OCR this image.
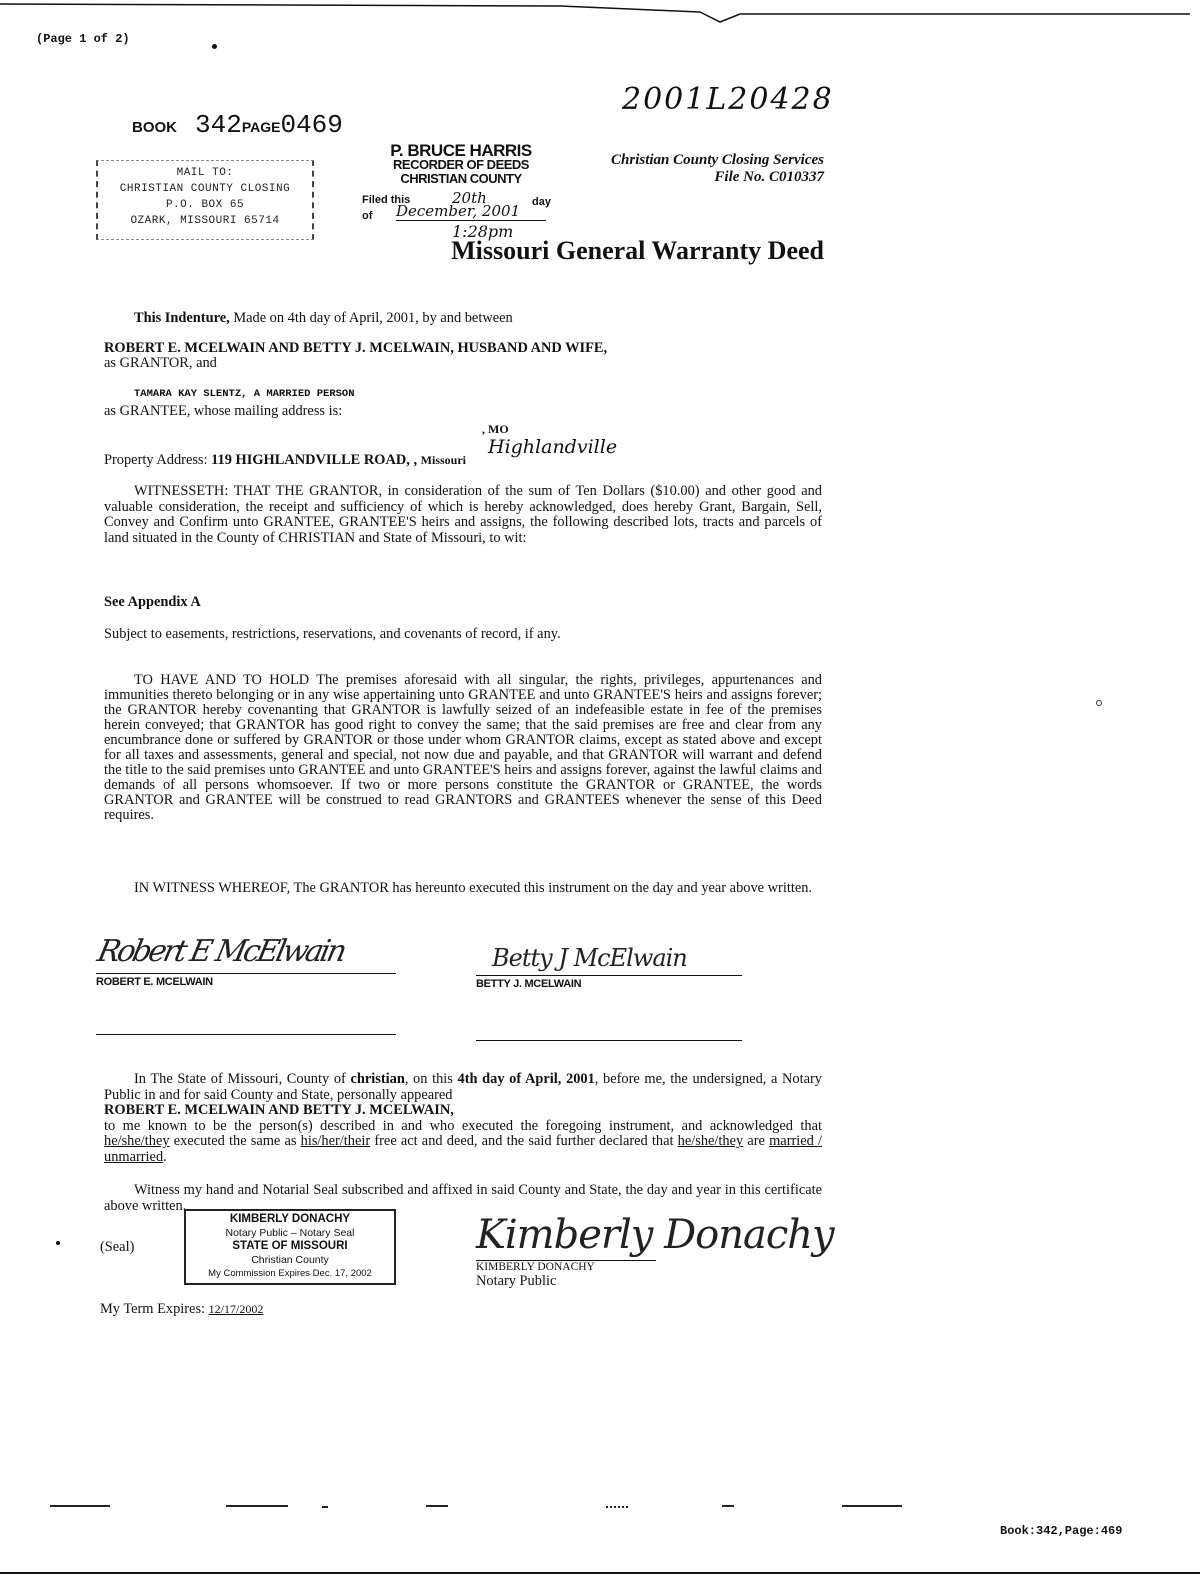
(Page 1 of 2)
2001L20428
BOOK 342PAGE0469
MAIL TO:
CHRISTIAN COUNTY CLOSING
P.O. BOX 65
OZARK, MISSOURI 65714
P. BRUCE HARRIS
RECORDER OF DEEDS
CHRISTIAN COUNTY
Filed this	20th	day
of December, 2001
1:28pm
Christian County Closing Services
File No. C010337
Missouri General Warranty Deed
This Indenture, Made on 4th day of April, 2001, by and between
ROBERT E. MCELWAIN AND BETTY J. MCELWAIN, HUSBAND AND WIFE,
as GRANTOR, and
TAMARA KAY SLENTZ, A MARRIED PERSON
as GRANTEE, whose mailing address is:
, MO
Highlandville
Property Address: 119 HIGHLANDVILLE ROAD, , Missouri
WITNESSETH: THAT THE GRANTOR, in consideration of the sum of Ten Dollars ($10.00) and other good and valuable consideration, the receipt and sufficiency of which is hereby acknowledged, does hereby Grant, Bargain, Sell, Convey and Confirm unto GRANTEE, GRANTEE'S heirs and assigns, the following described lots, tracts and parcels of land situated in the County of CHRISTIAN and State of Missouri, to wit:
See Appendix A
Subject to easements, restrictions, reservations, and covenants of record, if any.
TO HAVE AND TO HOLD The premises aforesaid with all singular, the rights, privileges, appurtenances and immunities thereto belonging or in any wise appertaining unto GRANTEE and unto GRANTEE'S heirs and assigns forever; the GRANTOR hereby covenanting that GRANTOR is lawfully seized of an indefeasible estate in fee of the premises herein conveyed; that GRANTOR has good right to convey the same; that the said premises are free and clear from any encumbrance done or suffered by GRANTOR or those under whom GRANTOR claims, except as stated above and except for all taxes and assessments, general and special, not now due and payable, and that GRANTOR will warrant and defend the title to the said premises unto GRANTEE and unto GRANTEE'S heirs and assigns forever, against the lawful claims and demands of all persons whomsoever. If two or more persons constitute the GRANTOR or GRANTEE, the words GRANTOR and GRANTEE will be construed to read GRANTORS and GRANTEES whenever the sense of this Deed requires.
IN WITNESS WHEREOF, The GRANTOR has hereunto executed this instrument on the day and year above written.
Robert E McElwain
ROBERT E. MCELWAIN
Betty J McElwain
BETTY J. MCELWAIN
In The State of Missouri, County of christian, on this 4th day of April, 2001, before me, the undersigned, a Notary Public in and for said County and State, personally appeared
ROBERT E. MCELWAIN AND BETTY J. MCELWAIN,
to me known to be the person(s) described in and who executed the foregoing instrument, and acknowledged that he/she/they executed the same as his/her/their free act and deed, and the said further declared that he/she/they are married / unmarried.
Witness my hand and Notarial Seal subscribed and affixed in said County and State, the day and year in this certificate above written.
(Seal)
KIMBERLY DONACHY
Notary Public – Notary Seal
STATE OF MISSOURI
Christian County
My Commission Expires Dec. 17, 2002
Kimberly Donachy
KIMBERLY DONACHY
Notary Public
My Term Expires: 12/17/2002
Book:342,Page:469
